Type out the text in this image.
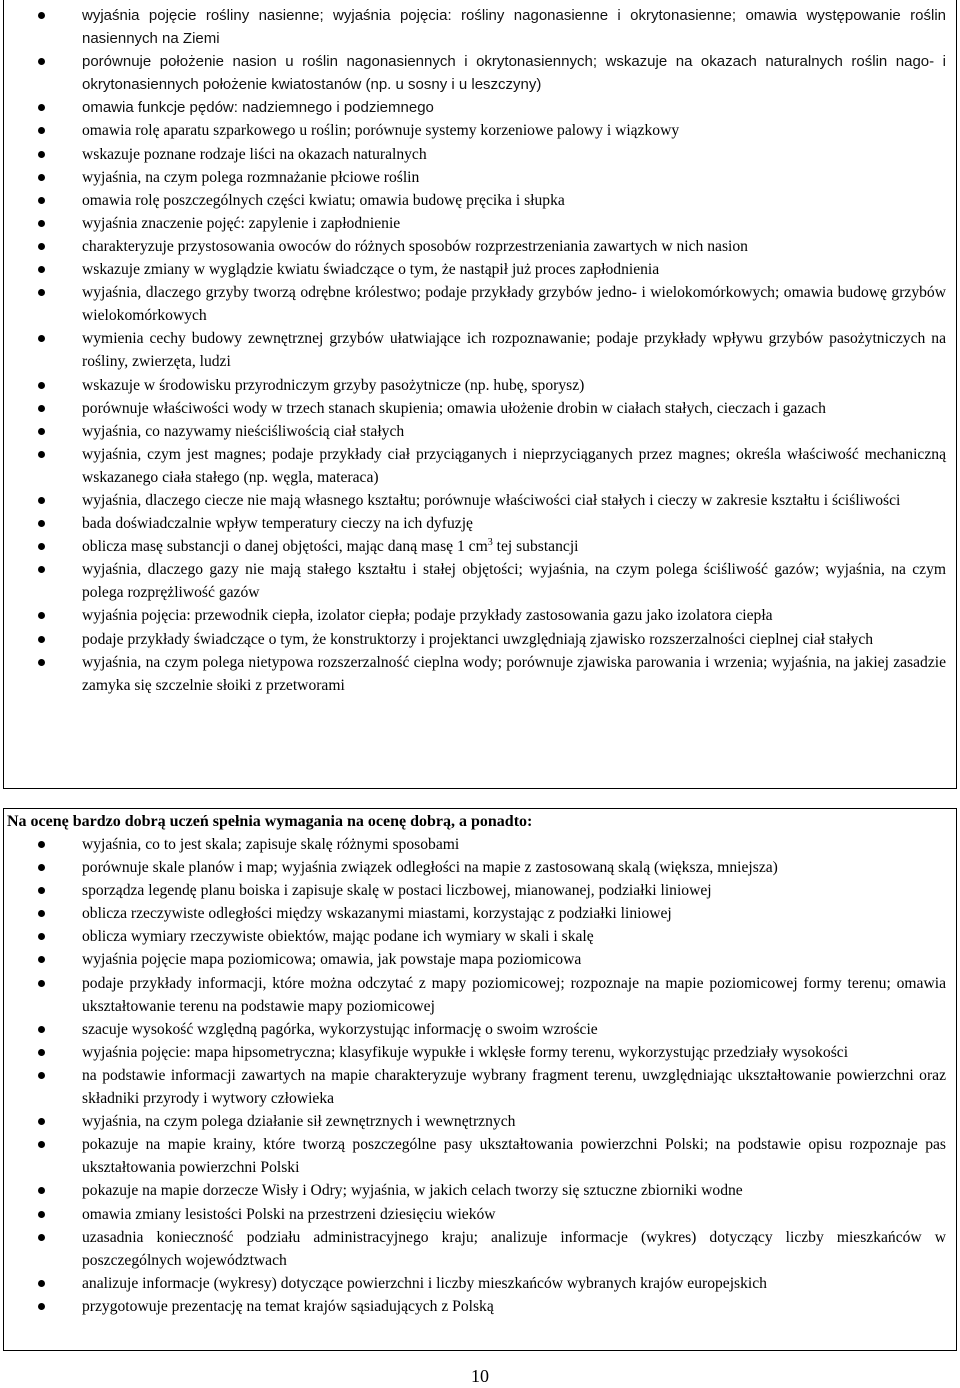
wyjaśnia pojęcie rośliny nasienne; wyjaśnia pojęcia: rośliny nagonasienne i okrytonasienne; omawia występowanie roślin nasiennych na Ziemi
porównuje położenie nasion u roślin nagonasiennych i okrytonasiennych; wskazuje na okazach naturalnych roślin nago- i okrytonasiennych położenie kwiatostanów (np. u sosny i u leszczyny)
omawia funkcje pędów: nadziemnego i podziemnego
omawia rolę aparatu szparkowego u roślin; porównuje systemy korzeniowe palowy i wiązkowy
wskazuje poznane rodzaje liści na okazach naturalnych
wyjaśnia, na czym polega rozmnażanie płciowe roślin
omawia rolę poszczególnych części kwiatu; omawia budowę pręcika i słupka
wyjaśnia znaczenie pojęć: zapylenie i zapłodnienie
charakteryzuje przystosowania owoców do różnych sposobów rozprzestrzeniania zawartych w nich nasion
wskazuje zmiany w wyglądzie kwiatu świadczące o tym, że nastąpił już proces zapłodnienia
wyjaśnia, dlaczego grzyby tworzą odrębne królestwo; podaje przykłady grzybów jedno- i wielokomórkowych; omawia budowę grzybów wielokomórkowych
wymienia cechy budowy zewnętrznej grzybów ułatwiające ich rozpoznawanie; podaje przykłady wpływu grzybów pasożytniczych na rośliny, zwierzęta, ludzi
wskazuje w środowisku przyrodniczym grzyby pasożytnicze (np. hubę, sporysz)
porównuje właściwości wody w trzech stanach skupienia; omawia ułożenie drobin w ciałach stałych, cieczach i gazach
wyjaśnia, co nazywamy nieściśliwością ciał stałych
wyjaśnia, czym jest magnes; podaje przykłady ciał przyciąganych i nieprzyciąganych przez magnes; określa właściwość mechaniczną wskazanego ciała stałego (np. węgla, materaca)
wyjaśnia, dlaczego ciecze nie mają własnego kształtu; porównuje właściwości ciał stałych i cieczy w zakresie kształtu i ściśliwości
bada doświadczalnie wpływ temperatury cieczy na ich dyfuzję
oblicza masę substancji o danej objętości, mając daną masę 1 $cm^3$ tej substancji
wyjaśnia, dlaczego gazy nie mają stałego kształtu i stałej objętości; wyjaśnia, na czym polega ściśliwość gazów; wyjaśnia, na czym polega rozprężliwość gazów
wyjaśnia pojęcia: przewodnik ciepła, izolator ciepła; podaje przykłady zastosowania gazu jako izolatora ciepła
podaje przykłady świadczące o tym, że konstruktorzy i projektanci uwzględniają zjawisko rozszerzalności cieplnej ciał stałych
wyjaśnia, na czym polega nietypowa rozszerzalność cieplna wody; porównuje zjawiska parowania i wrzenia; wyjaśnia, na jakiej zasadzie zamyka się szczelnie słoiki z przetworami
Na ocenę bardzo dobrą uczeń spełnia wymagania na ocenę dobrą, a ponadto:
wyjaśnia, co to jest skala; zapisuje skalę różnymi sposobami
porównuje skale planów i map; wyjaśnia związek odległości na mapie z zastosowaną skalą (większa, mniejsza)
sporządza legendę planu boiska i zapisuje skalę w postaci liczbowej, mianowanej, podziałki liniowej
oblicza rzeczywiste odległości między wskazanymi miastami, korzystając z podziałki liniowej
oblicza wymiary rzeczywiste obiektów, mając podane ich wymiary w skali i skalę
wyjaśnia pojęcie mapa poziomicowa; omawia, jak powstaje mapa poziomicowa
podaje przykłady informacji, które można odczytać z mapy poziomicowej; rozpoznaje na mapie poziomicowej formy terenu; omawia ukształtowanie terenu na podstawie mapy poziomicowej
szacuje wysokość względną pagórka, wykorzystując informację o swoim wzroście
wyjaśnia pojęcie: mapa hipsometryczna; klasyfikuje wypukłe i wklęsłe formy terenu, wykorzystując przedziały wysokości
na podstawie informacji zawartych na mapie charakteryzuje wybrany fragment terenu, uwzględniając ukształtowanie powierzchni oraz składniki przyrody i wytwory człowieka
wyjaśnia, na czym polega działanie sił zewnętrznych i wewnętrznych
pokazuje na mapie krainy, które tworzą poszczególne pasy ukształtowania powierzchni Polski; na podstawie opisu rozpoznaje pas ukształtowania powierzchni Polski
pokazuje na mapie dorzecze Wisły i Odry; wyjaśnia, w jakich celach tworzy się sztuczne zbiorniki wodne
omawia zmiany lesistości Polski na przestrzeni dziesięciu wieków
uzasadnia konieczność podziału administracyjnego kraju; analizuje informacje (wykres) dotyczący liczby mieszkańców w poszczególnych województwach
analizuje informacje (wykresy) dotyczące powierzchni i liczby mieszkańców wybranych krajów europejskich
przygotowuje prezentację na temat krajów sąsiadujących z Polską
10
